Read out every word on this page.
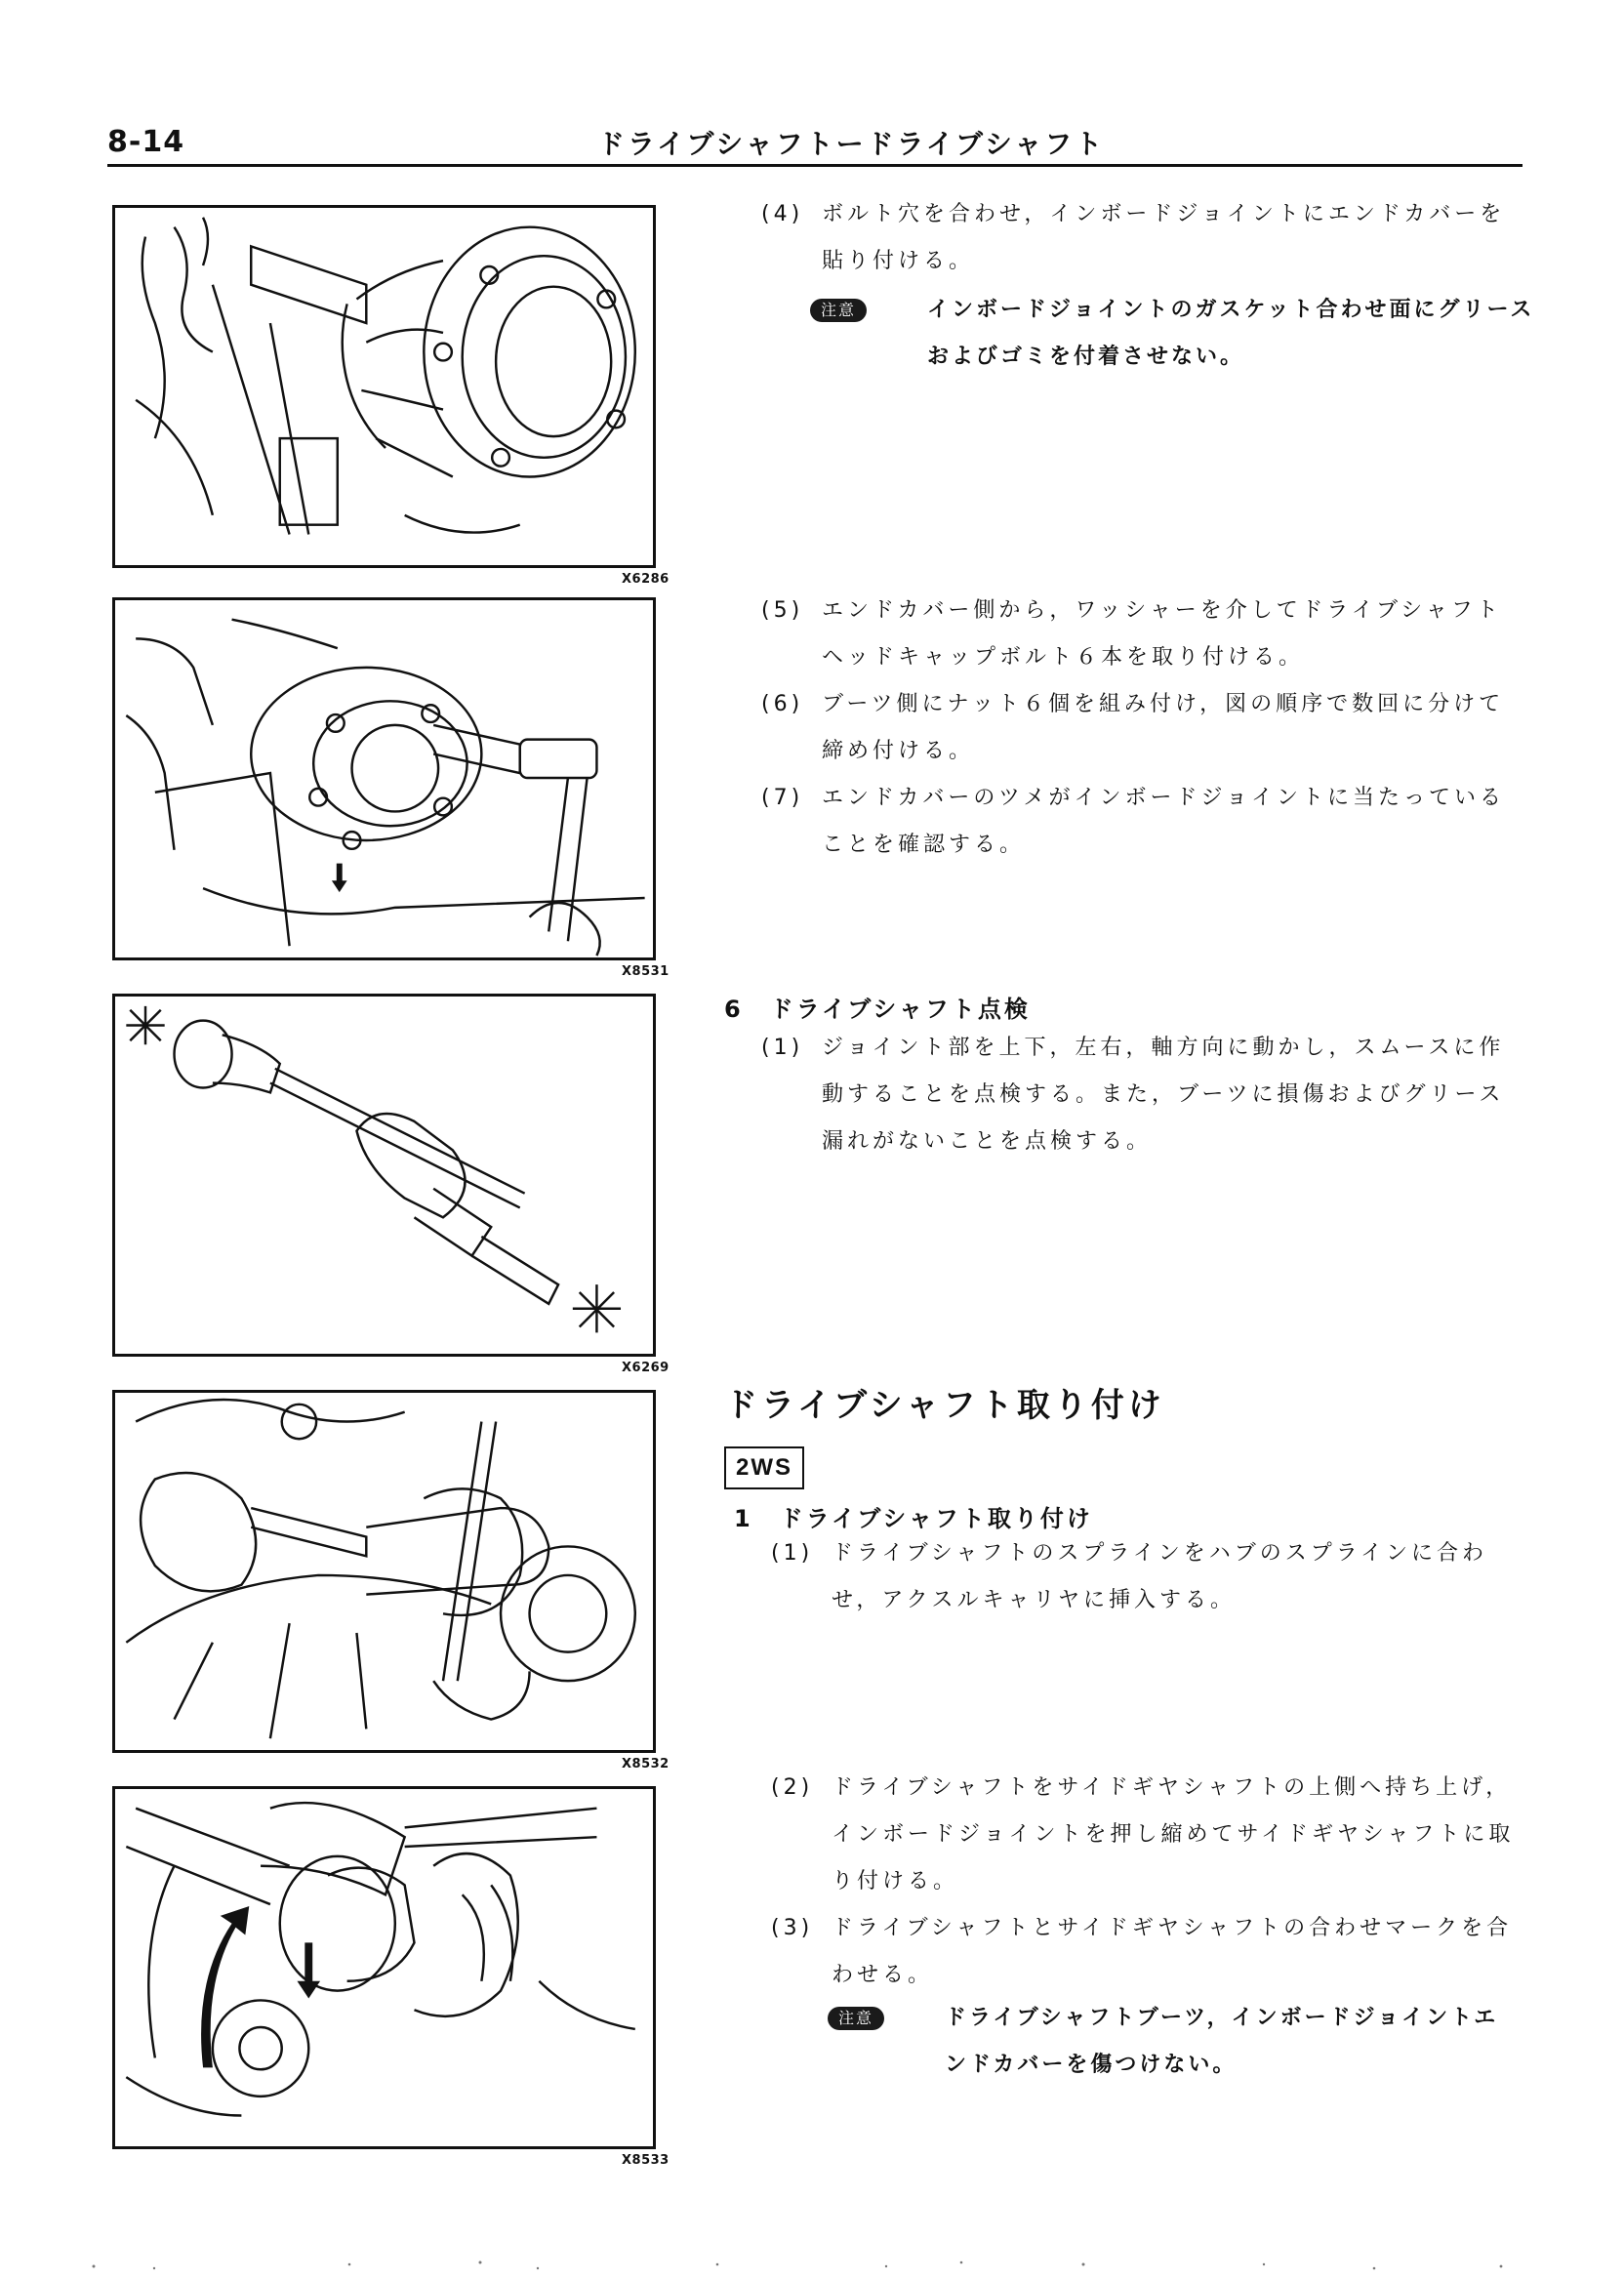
8-14	ドライブシャフトードライブシャフト
X6286
X8531
X6269
X8532
X8533
(4) ボルト穴を合わせ，インボードジョイントにエンドカバーを貼り付ける。
注意	インボードジョイントのガスケット合わせ面にグリースおよびゴミを付着させない。
(5) エンドカバー側から，ワッシャーを介してドライブシャフトヘッドキャップボルト６本を取り付ける。
(6) ブーツ側にナット６個を組み付け，図の順序で数回に分けて締め付ける。
(7) エンドカバーのツメがインボードジョイントに当たっていることを確認する。
6　ドライブシャフト点検
(1) ジョイント部を上下，左右，軸方向に動かし，スムースに作動することを点検する。また，ブーツに損傷およびグリース漏れがないことを点検する。
ドライブシャフト取り付け
2WS
1　ドライブシャフト取り付け
(1) ドライブシャフトのスプラインをハブのスプラインに合わせ，アクスルキャリヤに挿入する。
(2) ドライブシャフトをサイドギヤシャフトの上側へ持ち上げ，インボードジョイントを押し縮めてサイドギヤシャフトに取り付ける。
(3) ドライブシャフトとサイドギヤシャフトの合わせマークを合わせる。
注意	ドライブシャフトブーツ，インボードジョイントエンドカバーを傷つけない。
